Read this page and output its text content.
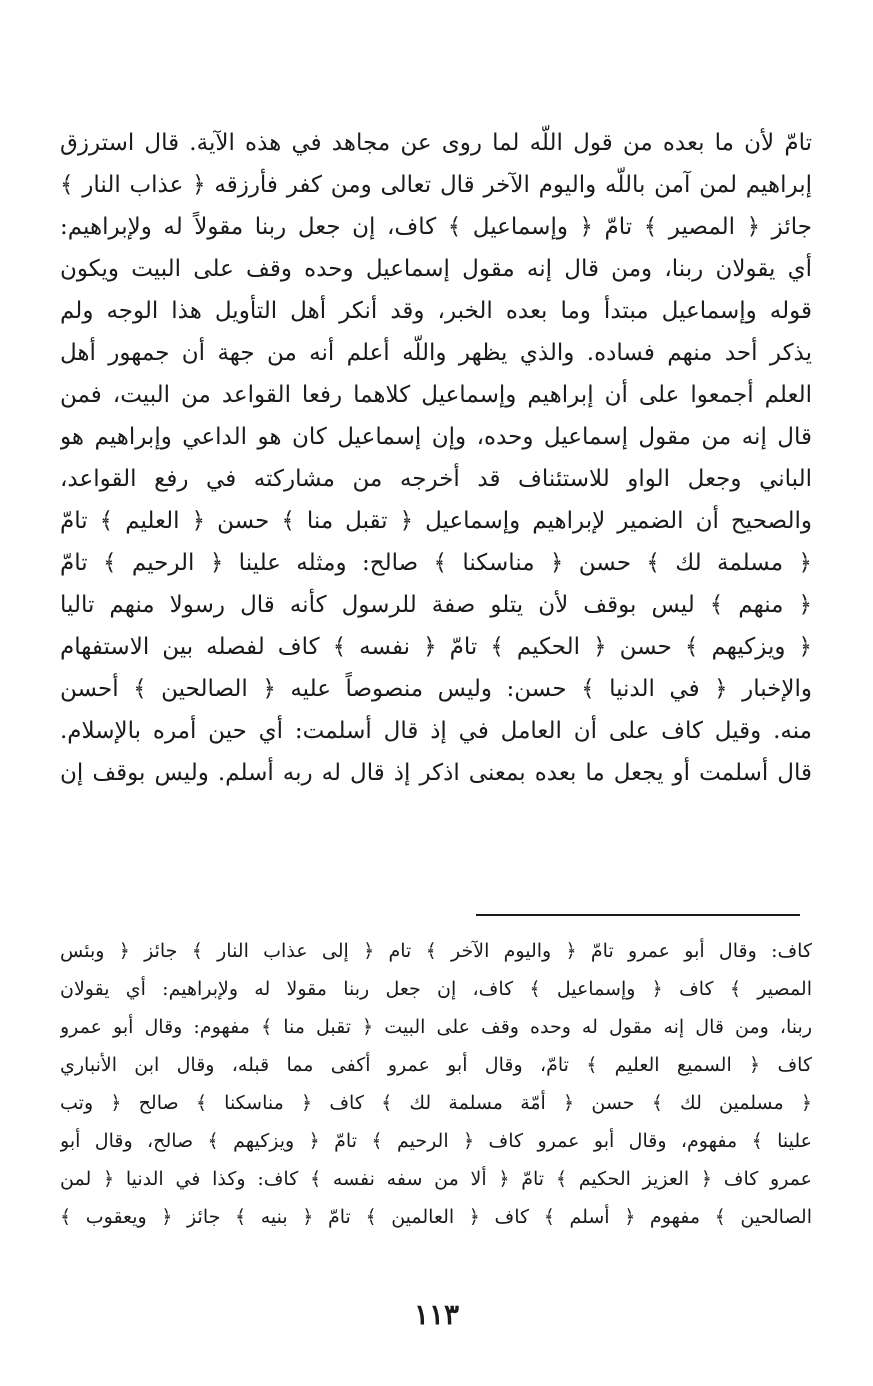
تامّ لأن ما بعده من قول اللّه لما روى عن مجاهد في هذه الآية. قال استرزق
إبراهيم لمن آمن باللّه واليوم الآخر قال تعالى ومن كفر فأرزقه ﴿ عذاب النار ﴾
جائز ﴿ المصير ﴾ تامّ ﴿ وإسماعيل ﴾ كاف، إن جعل ربنا مقولاً له ولإبراهيم:
أي يقولان ربنا، ومن قال إنه مقول إسماعيل وحده وقف على البيت ويكون
قوله وإسماعيل مبتدأ وما بعده الخبر، وقد أنكر أهل التأويل هذا الوجه ولم
يذكر أحد منهم فساده. والذي يظهر واللّه أعلم أنه من جهة أن جمهور أهل
العلم أجمعوا على أن إبراهيم وإسماعيل كلاهما رفعا القواعد من البيت، فمن
قال إنه من مقول إسماعيل وحده، وإن إسماعيل كان هو الداعي وإبراهيم هو
الباني وجعل الواو للاستئناف قد أخرجه من مشاركته في رفع القواعد،
والصحيح أن الضمير لإبراهيم وإسماعيل ﴿ تقبل منا ﴾ حسن ﴿ العليم ﴾ تامّ
﴿ مسلمة لك ﴾ حسن ﴿ مناسكنا ﴾ صالح: ومثله علينا ﴿ الرحيم ﴾ تامّ
﴿ منهم ﴾ ليس بوقف لأن يتلو صفة للرسول كأنه قال رسولا منهم تاليا
﴿ ويزكيهم ﴾ حسن ﴿ الحكيم ﴾ تامّ ﴿ نفسه ﴾ كاف لفصله بين الاستفهام
والإخبار ﴿ في الدنيا ﴾ حسن: وليس منصوصاً عليه ﴿ الصالحين ﴾ أحسن
منه. وقيل كاف على أن العامل في إذ قال أسلمت: أي حين أمره بالإسلام.
قال أسلمت أو يجعل ما بعده بمعنى اذكر إذ قال له ربه أسلم. وليس بوقف إن
كاف: وقال أبو عمرو تامّ ﴿ واليوم الآخر ﴾ تام ﴿ إلى عذاب النار ﴾ جائز ﴿ وبئس
المصير ﴾ كاف ﴿ وإسماعيل ﴾ كاف، إن جعل ربنا مقولا له ولإبراهيم: أي يقولان
ربنا، ومن قال إنه مقول له وحده وقف على البيت ﴿ تقبل منا ﴾ مفهوم: وقال أبو عمرو
كاف ﴿ السميع العليم ﴾ تامّ، وقال أبو عمرو أكفى مما قبله، وقال ابن الأنباري
﴿ مسلمين لك ﴾ حسن ﴿ أمّة مسلمة لك ﴾ كاف ﴿ مناسكنا ﴾ صالح ﴿ وتب
علينا ﴾ مفهوم، وقال أبو عمرو كاف ﴿ الرحيم ﴾ تامّ ﴿ ويزكيهم ﴾ صالح، وقال أبو
عمرو كاف ﴿ العزيز الحكيم ﴾ تامّ ﴿ ألا من سفه نفسه ﴾ كاف: وكذا في الدنيا ﴿ لمن
الصالحين ﴾ مفهوم ﴿ أسلم ﴾ كاف ﴿ العالمين ﴾ تامّ ﴿ بنيه ﴾ جائز ﴿ ويعقوب ﴾
١١٣
